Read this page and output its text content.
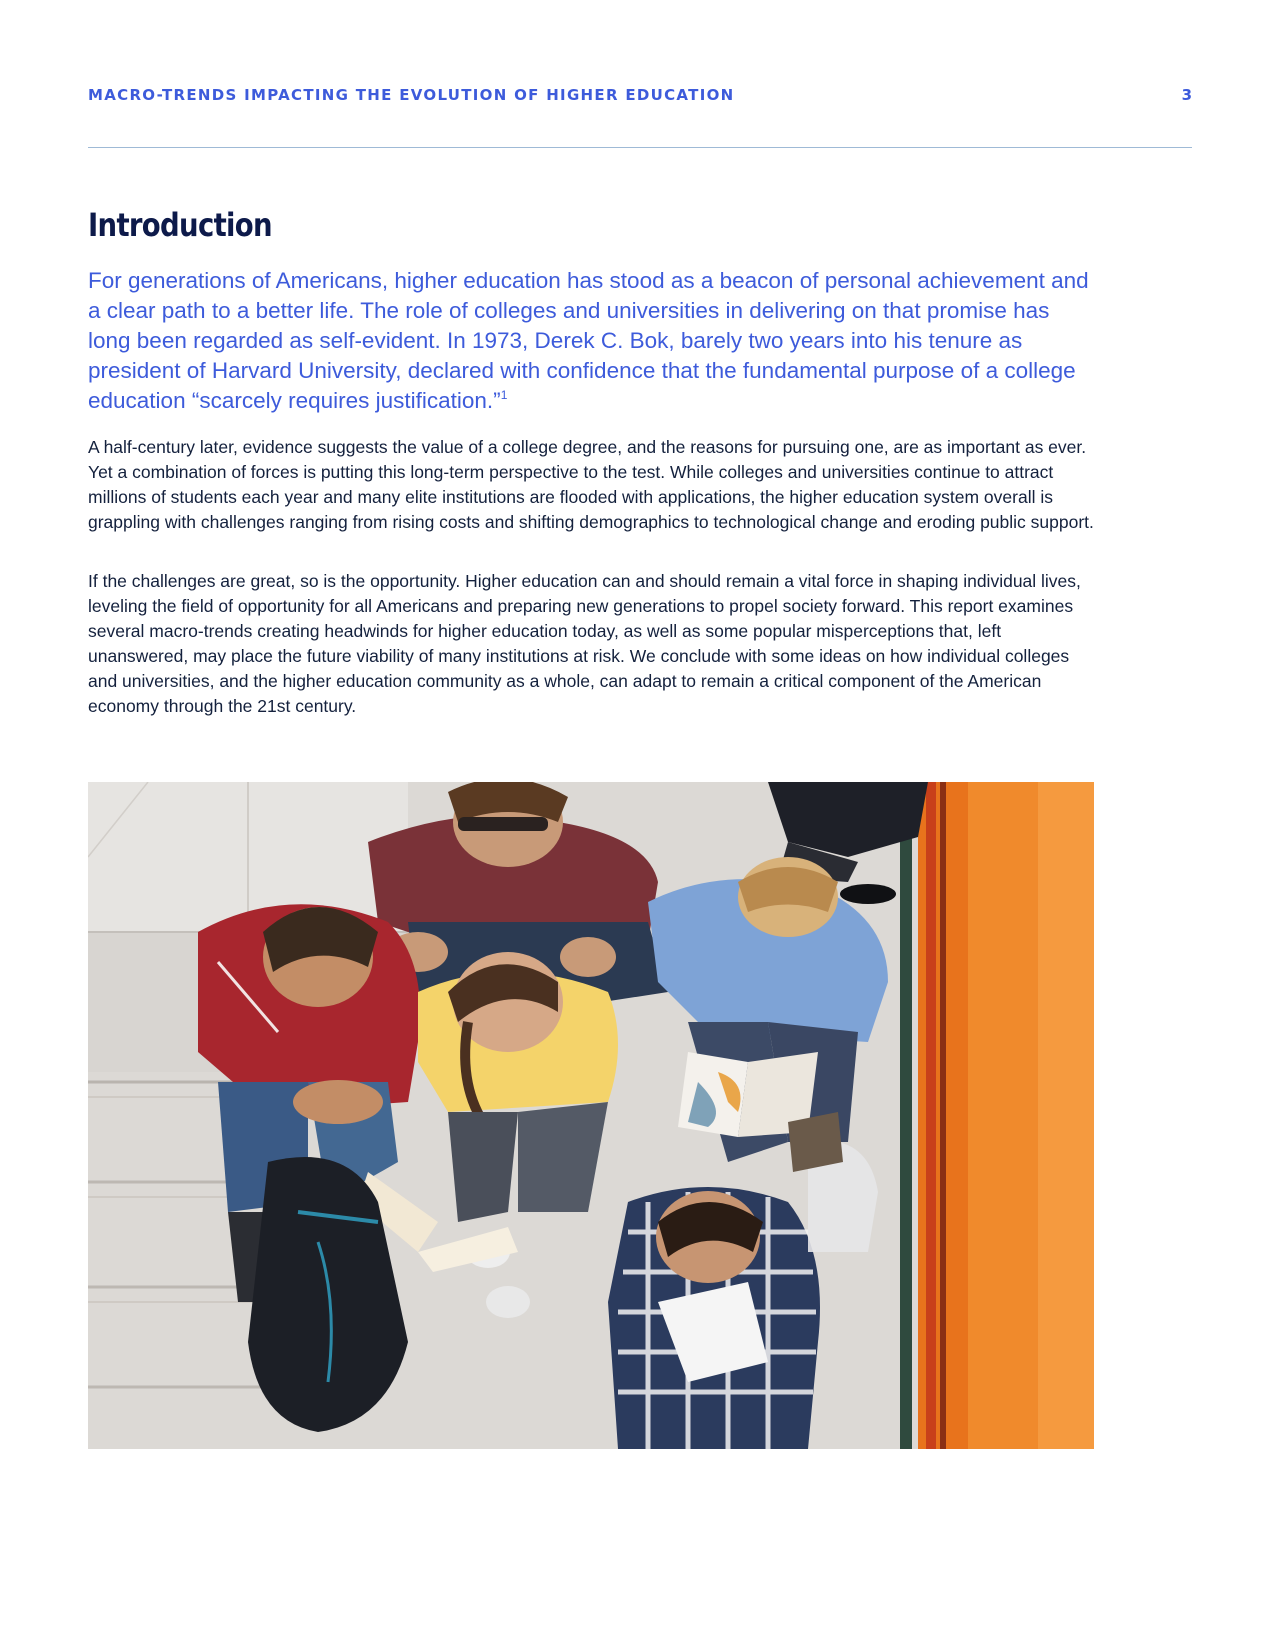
MACRO-TRENDS IMPACTING THE EVOLUTION OF HIGHER EDUCATION	3
Introduction

For generations of Americans, higher education has stood as a beacon of personal achievement and a clear path to a better life. The role of colleges and universities in delivering on that promise has long been regarded as self-evident. In 1973, Derek C. Bok, barely two years into his tenure as president of Harvard University, declared with confidence that the fundamental purpose of a college education “scarcely requires justification.”$^1$

A half-century later, evidence suggests the value of a college degree, and the reasons for pursuing one, are as important as ever. Yet a combination of forces is putting this long-term perspective to the test. While colleges and universities continue to attract millions of students each year and many elite institutions are flooded with applications, the higher education system overall is grappling with challenges ranging from rising costs and shifting demographics to technological change and eroding public support.

If the challenges are great, so is the opportunity. Higher education can and should remain a vital force in shaping individual lives, leveling the field of opportunity for all Americans and preparing new generations to propel society forward. This report examines several macro-trends creating headwinds for higher education today, as well as some popular misperceptions that, left unanswered, may place the future viability of many institutions at risk. We conclude with some ideas on how individual colleges and universities, and the higher education community as a whole, can adapt to remain a critical component of the American economy through the 21st century.
